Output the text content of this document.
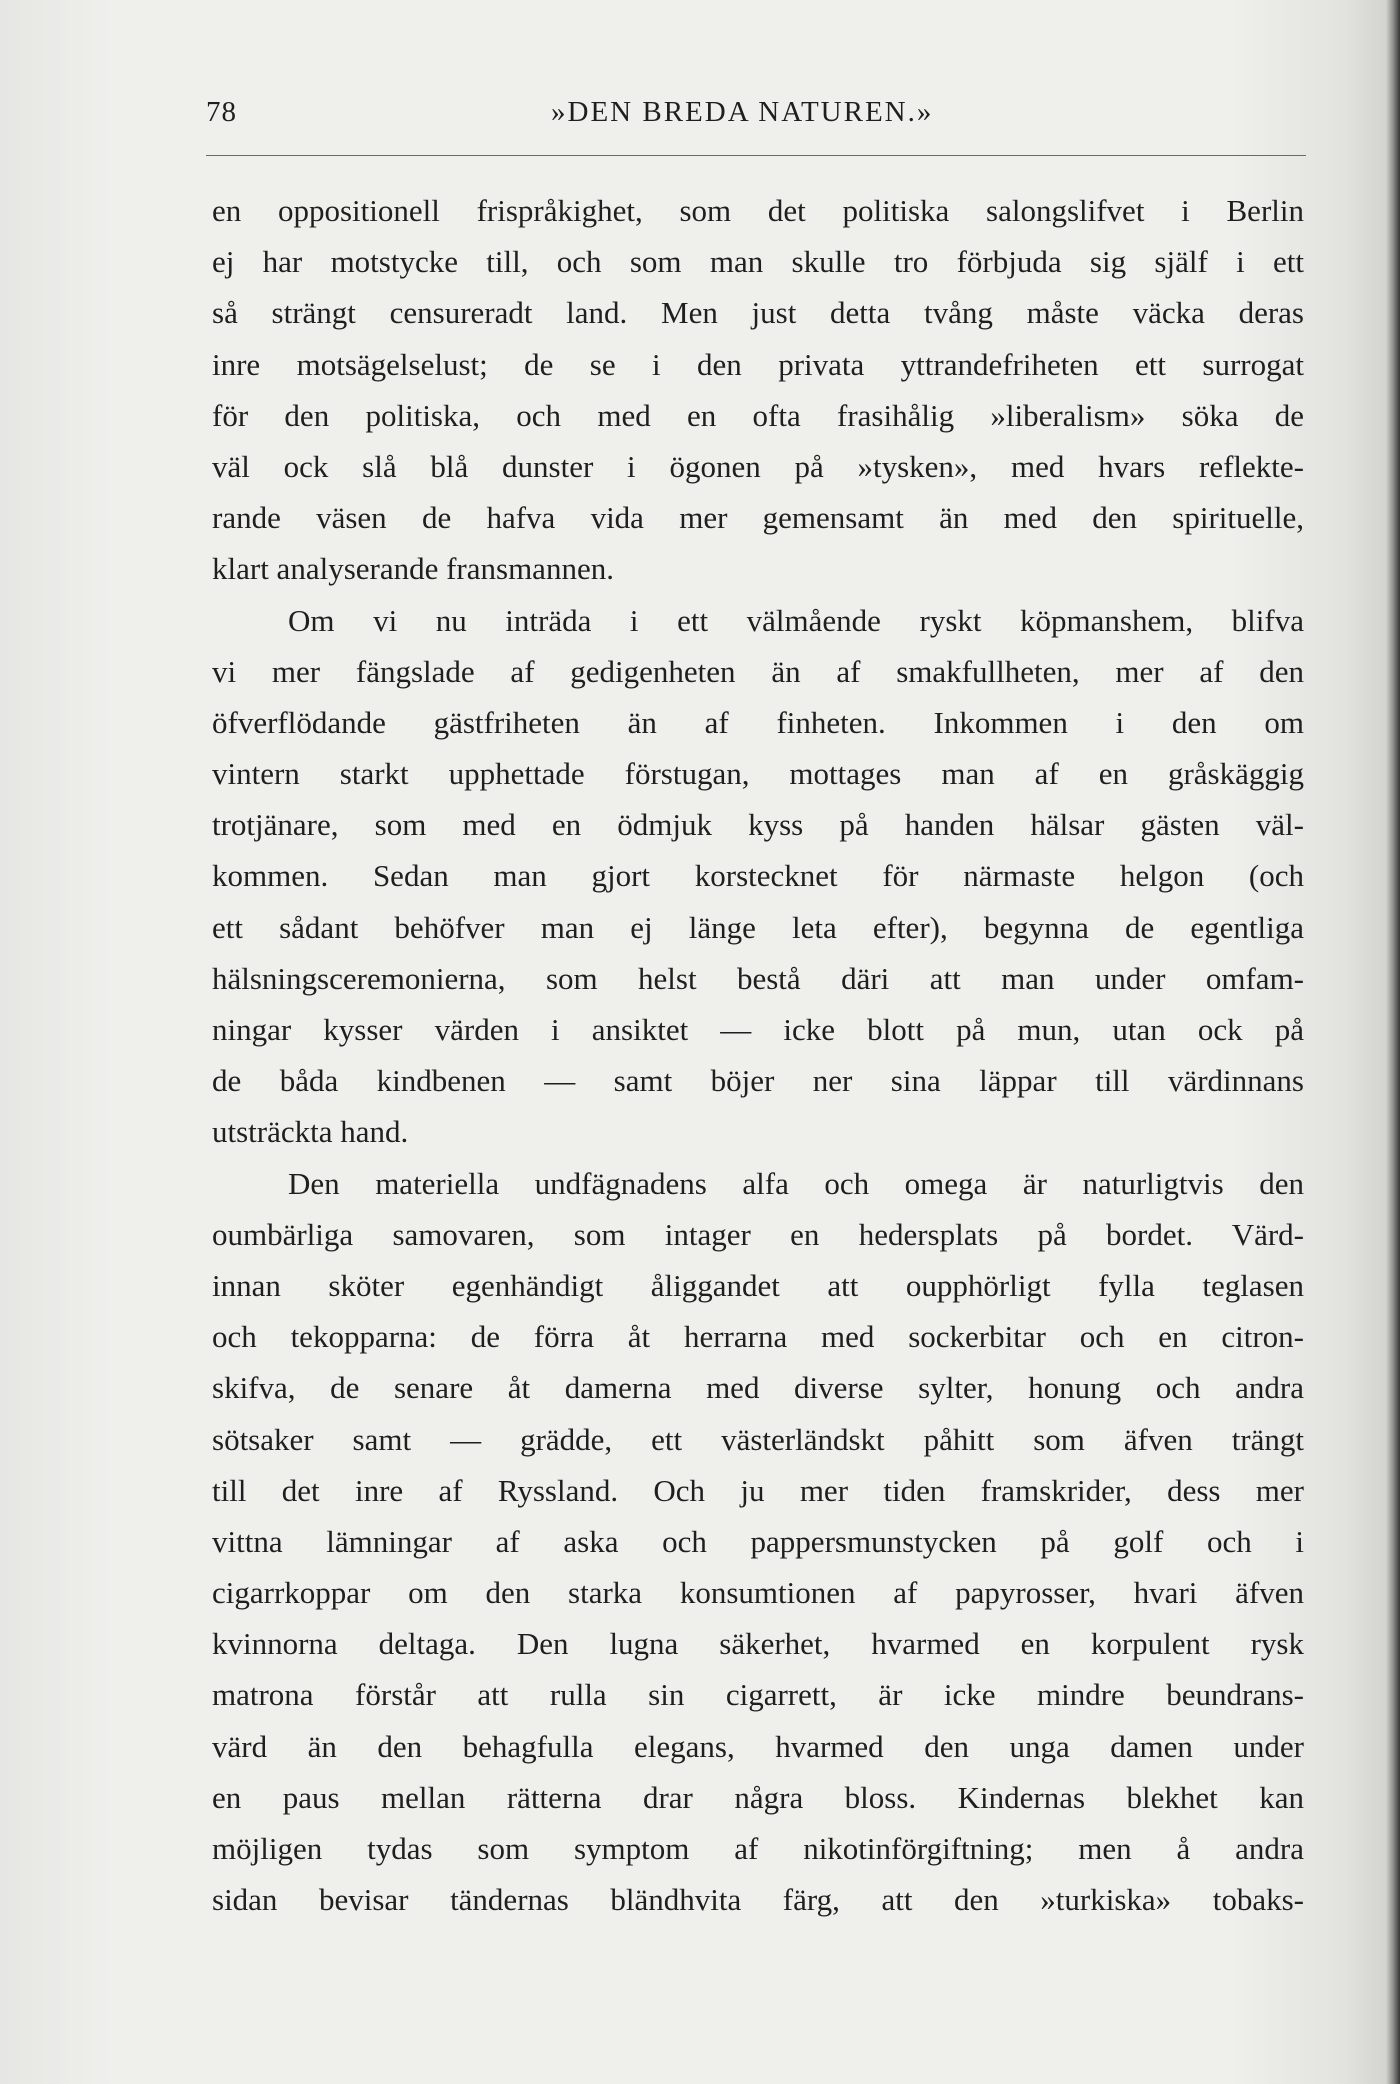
78	»DEN BREDA NATUREN.»
en oppositionell frispråkighet, som det politiska salongslifvet i Berlin
ej har motstycke till, och som man skulle tro förbjuda sig själf i ett
så strängt censureradt land. Men just detta tvång måste väcka deras
inre motsägelselust; de se i den privata yttrandefriheten ett surrogat
för den politiska, och med en ofta frasihålig »liberalism» söka de
väl ock slå blå dunster i ögonen på »tysken», med hvars reflekte-
rande väsen de hafva vida mer gemensamt än med den spirituelle,
klart analyserande fransmannen.
Om vi nu inträda i ett välmående ryskt köpmanshem, blifva
vi mer fängslade af gedigenheten än af smakfullheten, mer af den
öfverflödande gästfriheten än af finheten. Inkommen i den om
vintern starkt upphettade förstugan, mottages man af en gråskäggig
trotjänare, som med en ödmjuk kyss på handen hälsar gästen väl-
kommen. Sedan man gjort korstecknet för närmaste helgon (och
ett sådant behöfver man ej länge leta efter), begynna de egentliga
hälsningsceremonierna, som helst bestå däri att man under omfam-
ningar kysser värden i ansiktet — icke blott på mun, utan ock på
de båda kindbenen — samt böjer ner sina läppar till värdinnans
utsträckta hand.
Den materiella undfägnadens alfa och omega är naturligtvis den
oumbärliga samovaren, som intager en hedersplats på bordet. Värd-
innan sköter egenhändigt åliggandet att oupphörligt fylla teglasen
och tekopparna: de förra åt herrarna med sockerbitar och en citron-
skifva, de senare åt damerna med diverse sylter, honung och andra
sötsaker samt — grädde, ett västerländskt påhitt som äfven trängt
till det inre af Ryssland. Och ju mer tiden framskrider, dess mer
vittna lämningar af aska och pappersmunstycken på golf och i
cigarrkoppar om den starka konsumtionen af papyrosser, hvari äfven
kvinnorna deltaga. Den lugna säkerhet, hvarmed en korpulent rysk
matrona förstår att rulla sin cigarrett, är icke mindre beundrans-
värd än den behagfulla elegans, hvarmed den unga damen under
en paus mellan rätterna drar några bloss. Kindernas blekhet kan
möjligen tydas som symptom af nikotinförgiftning; men å andra
sidan bevisar tändernas bländhvita färg, att den »turkiska» tobaks-
